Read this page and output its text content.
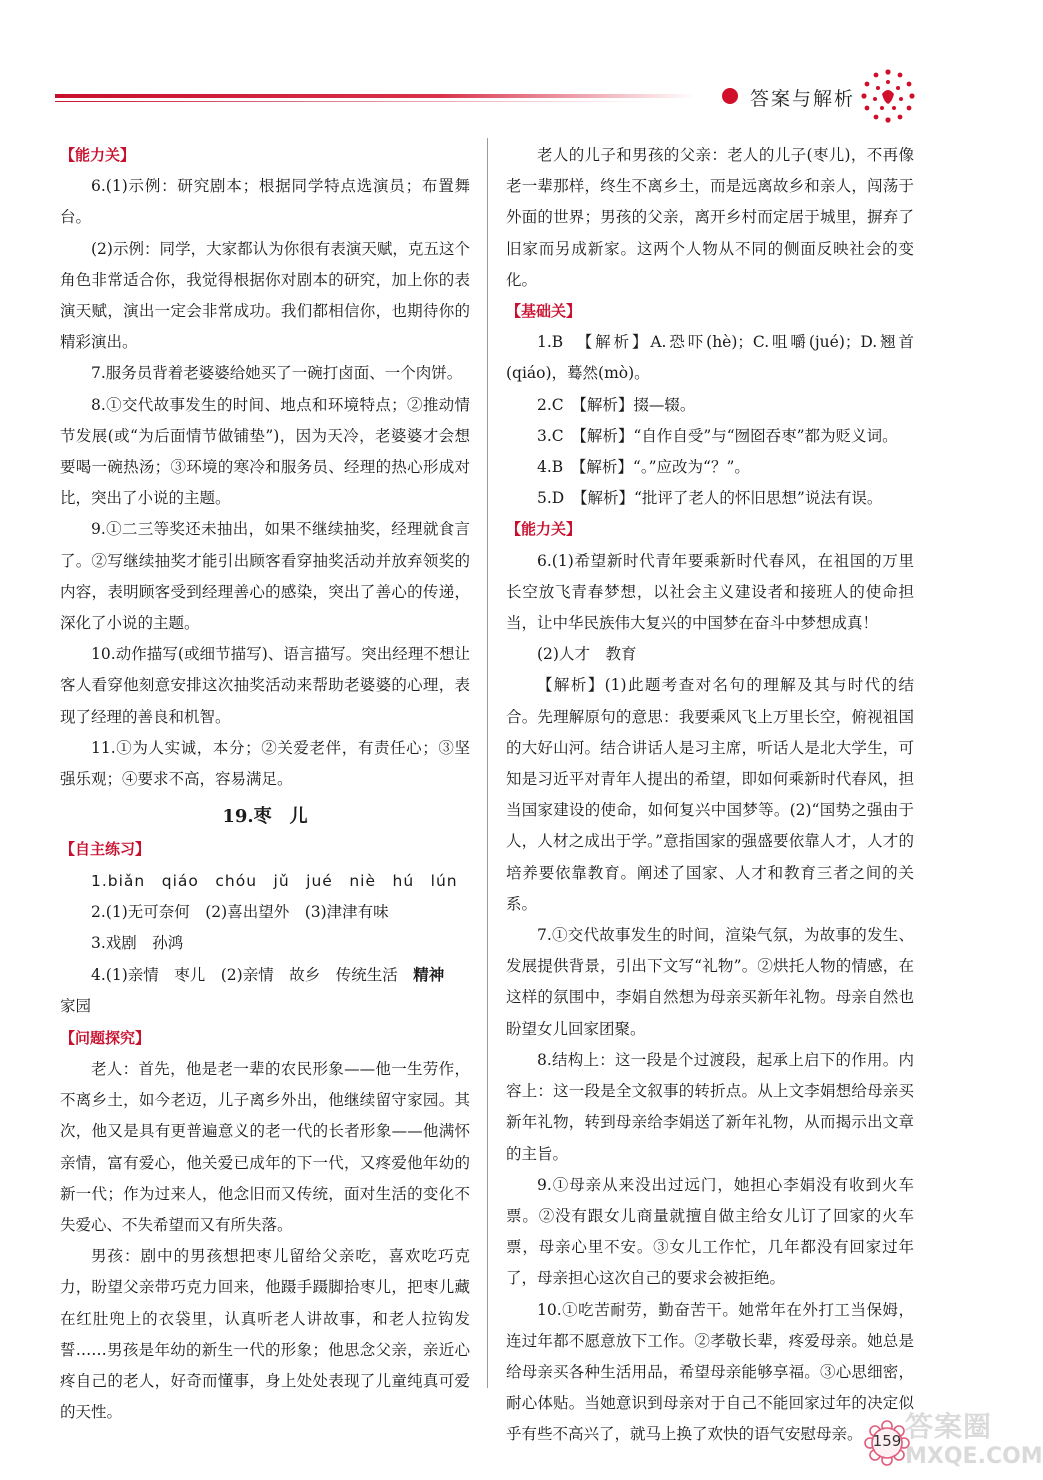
答案与解析

【能力关】

6.(1)示例：研究剧本；根据同学特点选演员；布置舞台。

(2)示例：同学，大家都认为你很有表演天赋，克五这个角色非常适合你，我觉得根据你对剧本的研究，加上你的表演天赋，演出一定会非常成功。我们都相信你，也期待你的精彩演出。

7.服务员背着老婆婆给她买了一碗打卤面、一个肉饼。

8.①交代故事发生的时间、地点和环境特点；②推动情节发展(或“为后面情节做铺垫”)，因为天冷，老婆婆才会想要喝一碗热汤；③环境的寒冷和服务员、经理的热心形成对比，突出了小说的主题。

9.①二三等奖还未抽出，如果不继续抽奖，经理就食言了。②写继续抽奖才能引出顾客看穿抽奖活动并放弃领奖的内容，表明顾客受到经理善心的感染，突出了善心的传递，深化了小说的主题。

10.动作描写(或细节描写)、语言描写。突出经理不想让客人看穿他刻意安排这次抽奖活动来帮助老婆婆的心理，表现了经理的善良和机智。

11.①为人实诚，本分；②关爱老伴，有责任心；③坚强乐观；④要求不高，容易满足。

19.枣　儿

【自主练习】

1.biǎn　qiáo　chóu　jǔ　jué　niè　hú　lún

2.(1)无可奈何　(2)喜出望外　(3)津津有味

3.戏剧　孙鸿

4.(1)亲情　枣儿　(2)亲情　故乡　传统生活　精神

家园

【问题探究】

老人：首先，他是老一辈的农民形象——他一生劳作，不离乡土，如今老迈，儿子离乡外出，他继续留守家园。其次，他又是具有更普遍意义的老一代的长者形象——他满怀亲情，富有爱心，他关爱已成年的下一代，又疼爱他年幼的新一代；作为过来人，他念旧而又传统，面对生活的变化不失爱心、不失希望而又有所失落。

男孩：剧中的男孩想把枣儿留给父亲吃，喜欢吃巧克力，盼望父亲带巧克力回来，他蹑手蹑脚拾枣儿，把枣儿藏在红肚兜上的衣袋里，认真听老人讲故事，和老人拉钩发誓……男孩是年幼的新生一代的形象；他思念父亲，亲近心疼自己的老人，好奇而懂事，身上处处表现了儿童纯真可爱的天性。

老人的儿子和男孩的父亲：老人的儿子(枣儿)，不再像老一辈那样，终生不离乡土，而是远离故乡和亲人，闯荡于外面的世界；男孩的父亲，离开乡村而定居于城里，摒弃了旧家而另成新家。这两个人物从不同的侧面反映社会的变化。

【基础关】

1.B　【解析】A.恐吓(hè)；C.咀嚼(jué)；D.翘首(qiáo)，蓦然(mò)。

2.C　【解析】掇—辍。

3.C　【解析】“自作自受”与“囫囵吞枣”都为贬义词。

4.B　【解析】“。”应改为“？”。

5.D　【解析】“批评了老人的怀旧思想”说法有误。

【能力关】

6.(1)希望新时代青年要乘新时代春风，在祖国的万里长空放飞青春梦想，以社会主义建设者和接班人的使命担当，让中华民族伟大复兴的中国梦在奋斗中梦想成真！

(2)人才　教育

【解析】(1)此题考查对名句的理解及其与时代的结合。先理解原句的意思：我要乘风飞上万里长空，俯视祖国的大好山河。结合讲话人是习主席，听话人是北大学生，可知是习近平对青年人提出的希望，即如何乘新时代春风，担当国家建设的使命，如何复兴中国梦等。(2)“国势之强由于人，人材之成出于学。”意指国家的强盛要依靠人才，人才的培养要依靠教育。阐述了国家、人才和教育三者之间的关系。

7.①交代故事发生的时间，渲染气氛，为故事的发生、发展提供背景，引出下文写“礼物”。②烘托人物的情感，在这样的氛围中，李娟自然想为母亲买新年礼物。母亲自然也盼望女儿回家团聚。

8.结构上：这一段是个过渡段，起承上启下的作用。内容上：这一段是全文叙事的转折点。从上文李娟想给母亲买新年礼物，转到母亲给李娟送了新年礼物，从而揭示出文章的主旨。

9.①母亲从来没出过远门，她担心李娟没有收到火车票。②没有跟女儿商量就擅自做主给女儿订了回家的火车票，母亲心里不安。③女儿工作忙，几年都没有回家过年了，母亲担心这次自己的要求会被拒绝。

10.①吃苦耐劳，勤奋苦干。她常年在外打工当保姆，连过年都不愿意放下工作。②孝敬长辈，疼爱母亲。她总是给母亲买各种生活用品，希望母亲能够享福。③心思细密，耐心体贴。当她意识到母亲对于自己不能回家过年的决定似乎有些不高兴了，就马上换了欢快的语气安慰母亲。 159 答案圈
MXQE.COM
